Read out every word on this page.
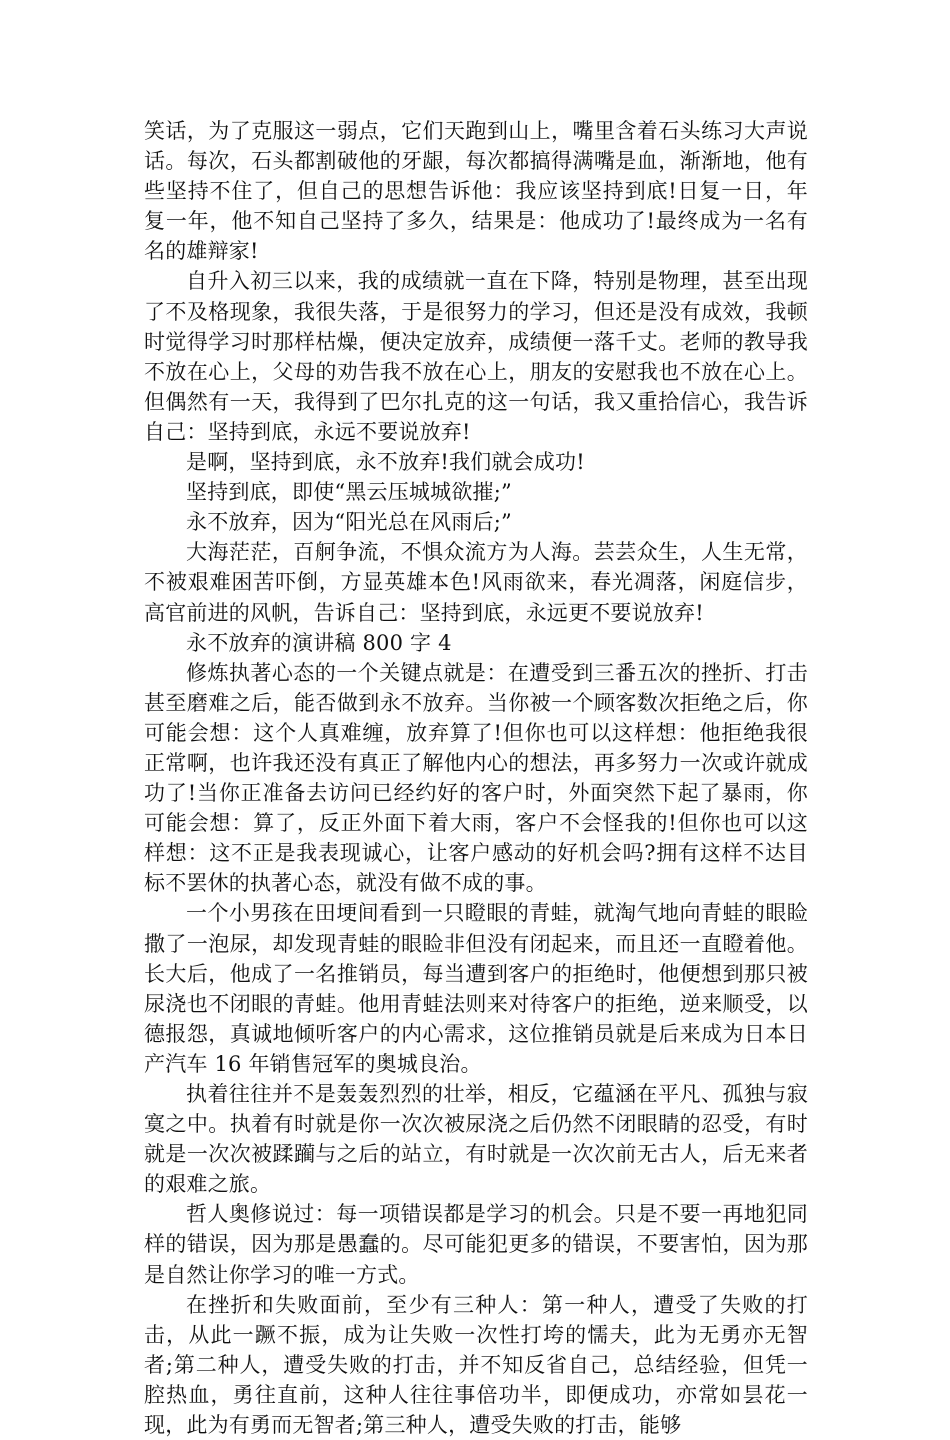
笑话，为了克服这一弱点，它们天跑到山上，嘴里含着石头练习大声说话。每次，石头都割破他的牙龈，每次都搞得满嘴是血，渐渐地，他有些坚持不住了，但自己的思想告诉他：我应该坚持到底!日复一日，年复一年，他不知自己坚持了多久，结果是：他成功了!最终成为一名有名的雄辩家!

自升入初三以来，我的成绩就一直在下降，特别是物理，甚至出现了不及格现象，我很失落，于是很努力的学习，但还是没有成效，我顿时觉得学习时那样枯燥，便决定放弃，成绩便一落千丈。老师的教导我不放在心上，父母的劝告我不放在心上，朋友的安慰我也不放在心上。但偶然有一天，我得到了巴尔扎克的这一句话，我又重拾信心，我告诉自己：坚持到底，永远不要说放弃!

是啊，坚持到底，永不放弃!我们就会成功!

坚持到底，即使“黑云压城城欲摧;”

永不放弃，因为“阳光总在风雨后;”

大海茫茫，百舸争流，不惧众流方为人海。芸芸众生，人生无常，不被艰难困苦吓倒，方显英雄本色!风雨欲来，春光凋落，闲庭信步，高官前进的风帆，告诉自己：坚持到底，永远更不要说放弃!

永不放弃的演讲稿 800 字 4

修炼执著心态的一个关键点就是：在遭受到三番五次的挫折、打击甚至磨难之后，能否做到永不放弃。当你被一个顾客数次拒绝之后，你可能会想：这个人真难缠，放弃算了!但你也可以这样想：他拒绝我很正常啊，也许我还没有真正了解他内心的想法，再多努力一次或许就成功了!当你正准备去访问已经约好的客户时，外面突然下起了暴雨，你可能会想：算了，反正外面下着大雨，客户不会怪我的!但你也可以这样想：这不正是我表现诚心，让客户感动的好机会吗?拥有这样不达目标不罢休的执著心态，就没有做不成的事。

一个小男孩在田埂间看到一只瞪眼的青蛙，就淘气地向青蛙的眼睑撒了一泡尿，却发现青蛙的眼睑非但没有闭起来，而且还一直瞪着他。长大后，他成了一名推销员，每当遭到客户的拒绝时，他便想到那只被尿浇也不闭眼的青蛙。他用青蛙法则来对待客户的拒绝，逆来顺受，以德报怨，真诚地倾听客户的内心需求，这位推销员就是后来成为日本日产汽车 16 年销售冠军的奥城良治。

执着往往并不是轰轰烈烈的壮举，相反，它蕴涵在平凡、孤独与寂寞之中。执着有时就是你一次次被尿浇之后仍然不闭眼睛的忍受，有时就是一次次被蹂躏与之后的站立，有时就是一次次前无古人，后无来者的艰难之旅。

哲人奥修说过：每一项错误都是学习的机会。只是不要一再地犯同样的错误，因为那是愚蠢的。尽可能犯更多的错误，不要害怕，因为那是自然让你学习的唯一方式。

在挫折和失败面前，至少有三种人：第一种人，遭受了失败的打击，从此一蹶不振，成为让失败一次性打垮的懦夫，此为无勇亦无智者;第二种人，遭受失败的打击，并不知反省自己，总结经验，但凭一腔热血，勇往直前，这种人往往事倍功半，即便成功，亦常如昙花一现，此为有勇而无智者;第三种人，遭受失败的打击，能够
